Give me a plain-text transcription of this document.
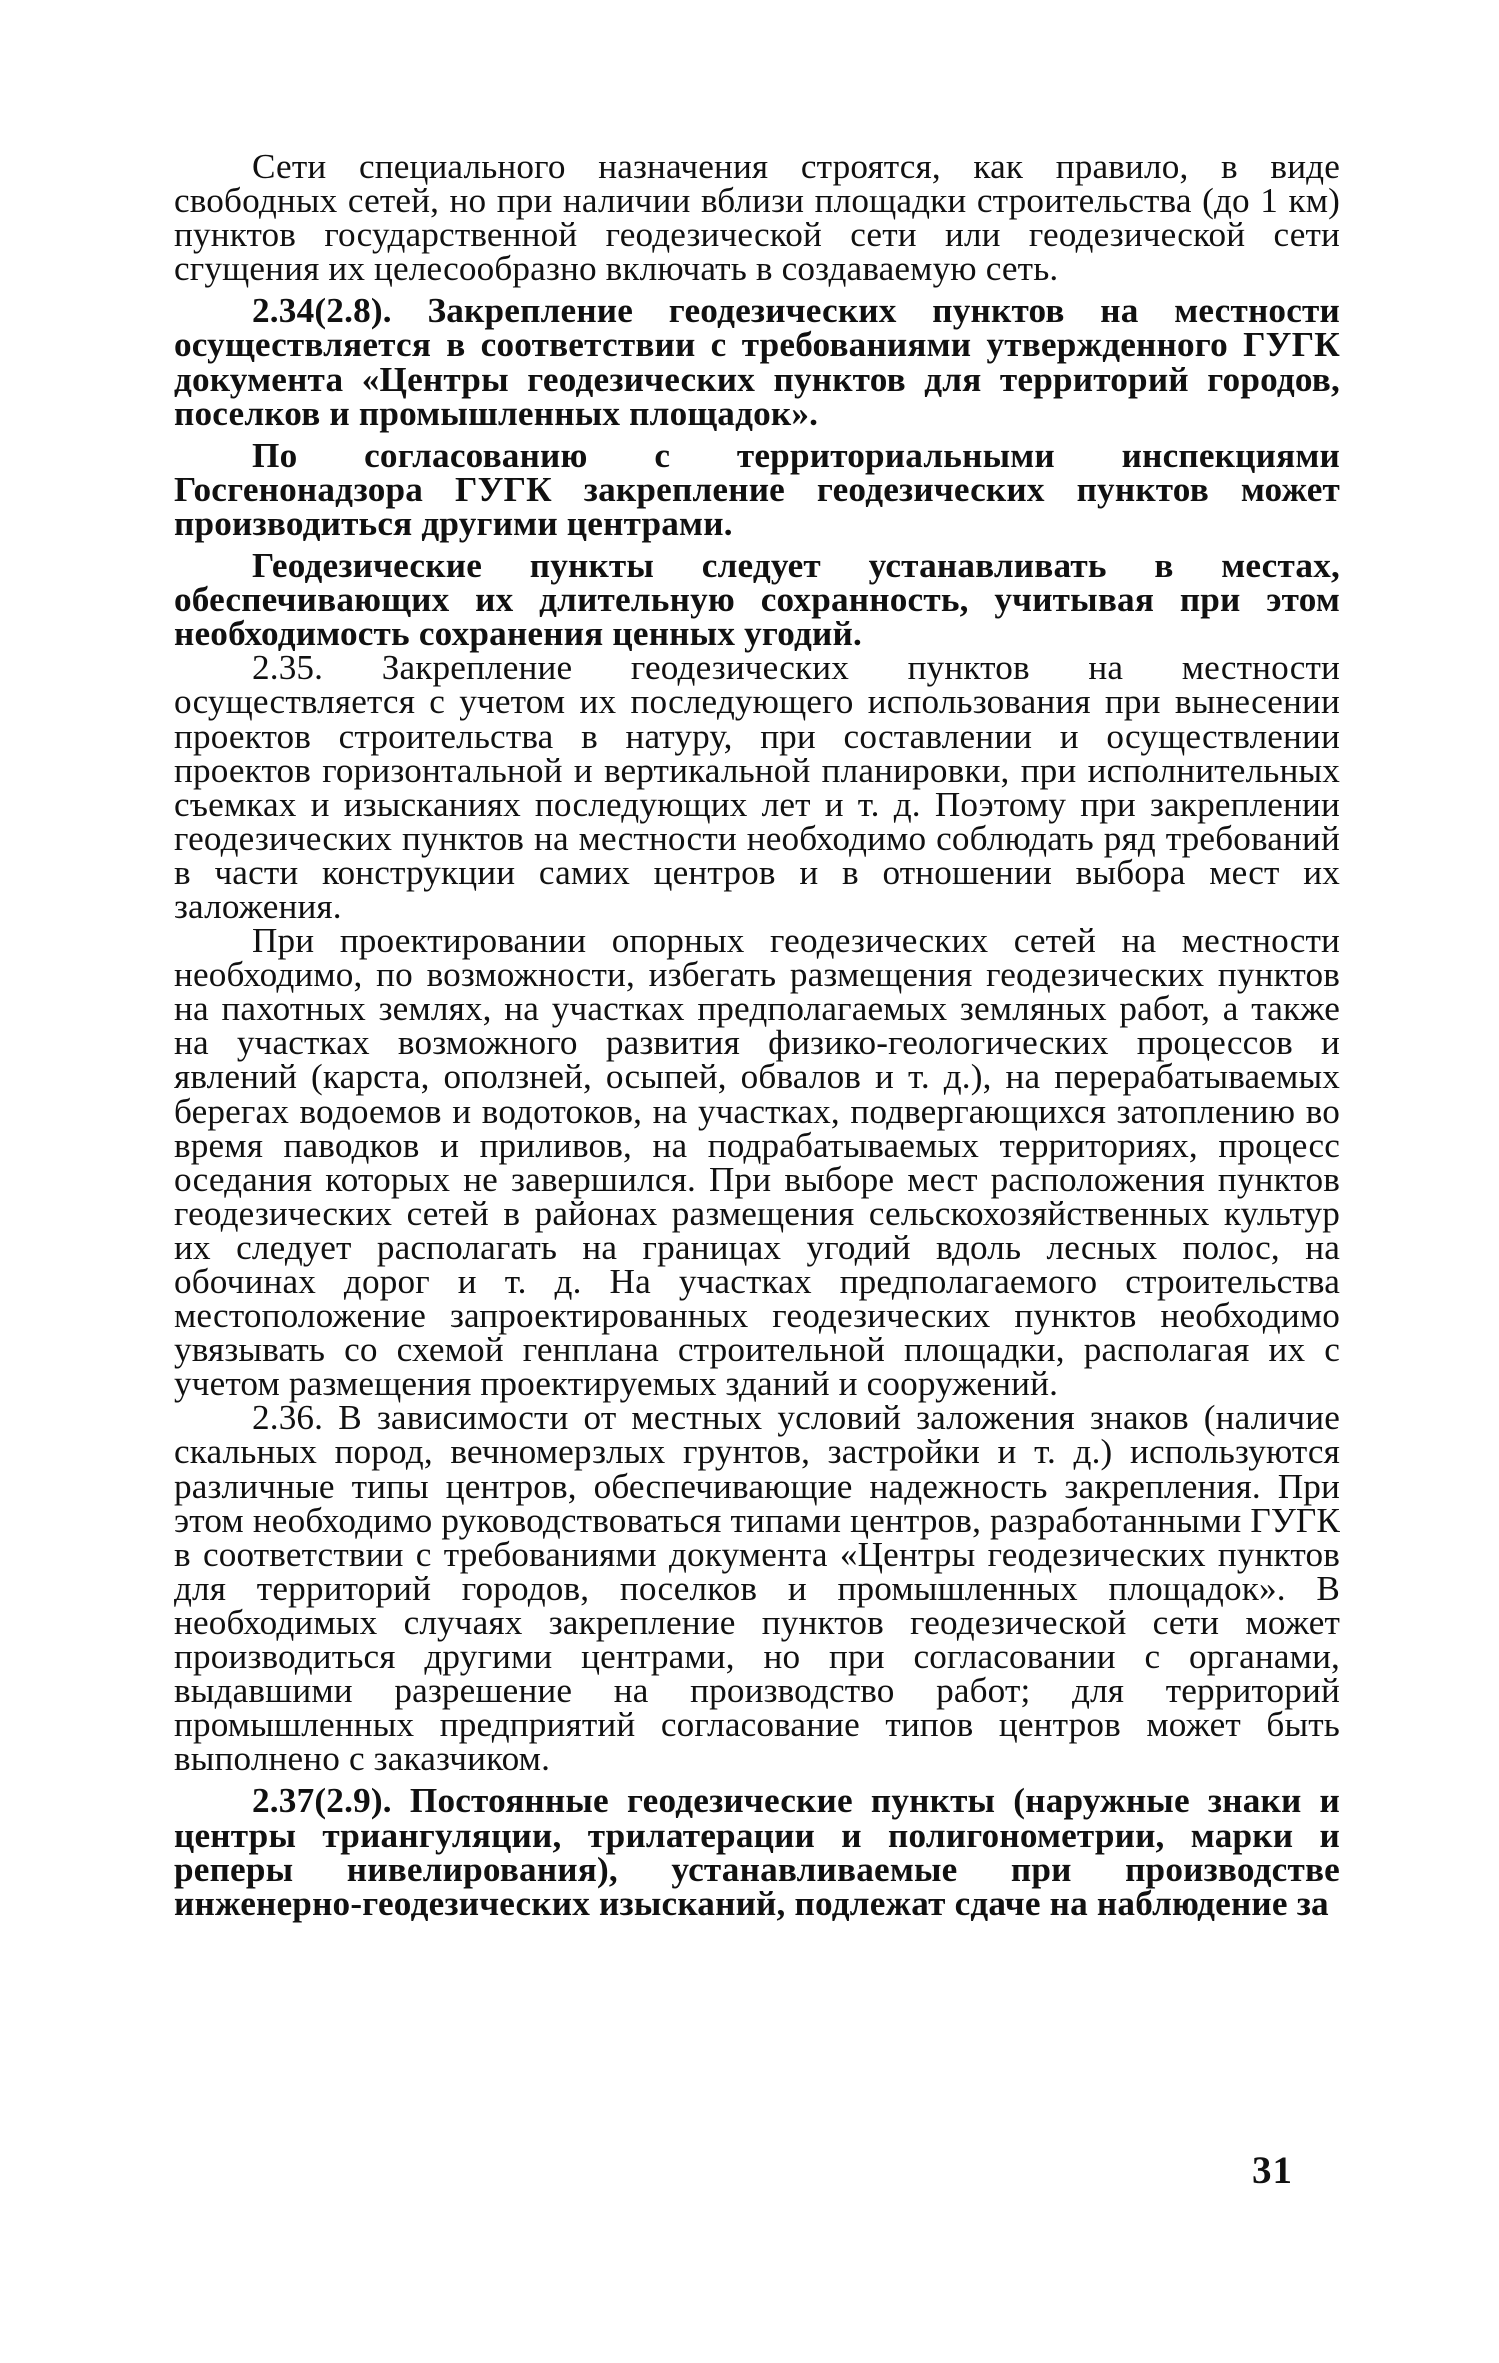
Сети специального назначения строятся, как правило, в виде свободных сетей, но при наличии вблизи площадки строительства (до 1 км) пунктов государственной геодезической сети или геодезической сети сгущения их целесообразно включать в создаваемую сеть.

2.34(2.8). Закрепление геодезических пунктов на местности осуществляется в соответствии с требованиями утвержденного ГУГК документа «Центры геодезических пунктов для территорий городов, поселков и промышленных площадок».

По согласованию с территориальными инспекциями Госгенонадзора ГУГК закрепление геодезических пунктов может производиться другими центрами.

Геодезические пункты следует устанавливать в местах, обеспечивающих их длительную сохранность, учитывая при этом необходимость сохранения ценных угодий.

2.35. Закрепление геодезических пунктов на местности осуществляется с учетом их последующего использования при вынесении проектов строительства в натуру, при составлении и осуществлении проектов горизонтальной и вертикальной планировки, при исполнительных съемках и изысканиях последующих лет и т. д. Поэтому при закреплении геодезических пунктов на местности необходимо соблюдать ряд требований в части конструкции самих центров и в отношении выбора мест их заложения.

При проектировании опорных геодезических сетей на местности необходимо, по возможности, избегать размещения геодезических пунктов на пахотных землях, на участках предполагаемых земляных работ, а также на участках возможного развития физико-геологических процессов и явлений (карста, оползней, осыпей, обвалов и т. д.), на перерабатываемых берегах водоемов и водотоков, на участках, подвергающихся затоплению во время паводков и приливов, на подрабатываемых территориях, процесс оседания которых не завершился. При выборе мест расположения пунктов геодезических сетей в районах размещения сельскохозяйственных культур их следует располагать на границах угодий вдоль лесных полос, на обочинах дорог и т. д. На участках предполагаемого строительства местоположение запроектированных геодезических пунктов необходимо увязывать со схемой генплана строительной площадки, располагая их с учетом размещения проектируемых зданий и сооружений.

2.36. В зависимости от местных условий заложения знаков (наличие скальных пород, вечномерзлых грунтов, застройки и т. д.) используются различные типы центров, обеспечивающие надежность закрепления. При этом необходимо руководствоваться типами центров, разработанными ГУГК в соответствии с требованиями документа «Центры геодезических пунктов для территорий городов, поселков и промышленных площадок». В необходимых случаях закрепление пунктов геодезической сети может производиться другими центрами, но при согласовании с органами, выдавшими разрешение на производство работ; для территорий промышленных предприятий согласование типов центров может быть выполнено с заказчиком.

2.37(2.9). Постоянные геодезические пункты (наружные знаки и центры триангуляции, трилатерации и полигонометрии, марки и реперы нивелирования), устанавливаемые при производстве инженерно-геодезических изысканий, подлежат сдаче на наблюдение за

31
